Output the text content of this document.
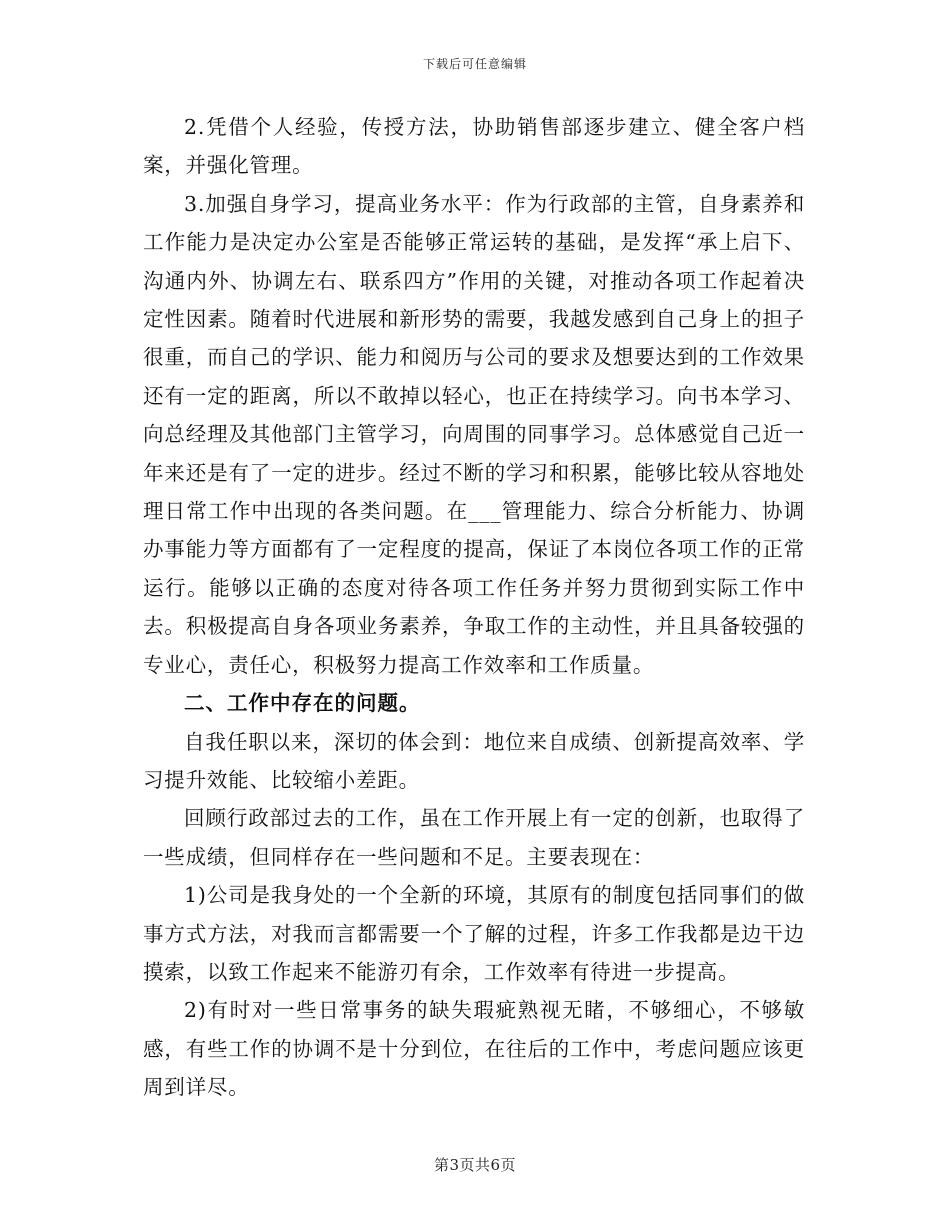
下载后可任意编辑

2.凭借个人经验，传授方法，协助销售部逐步建立、健全客户档案，并强化管理。

3.加强自身学习，提高业务水平：作为行政部的主管，自身素养和工作能力是决定办公室是否能够正常运转的基础，是发挥“承上启下、沟通内外、协调左右、联系四方”作用的关键，对推动各项工作起着决定性因素。随着时代进展和新形势的需要，我越发感到自己身上的担子很重，而自己的学识、能力和阅历与公司的要求及想要达到的工作效果还有一定的距离，所以不敢掉以轻心，也正在持续学习。向书本学习、向总经理及其他部门主管学习，向周围的同事学习。总体感觉自己近一年来还是有了一定的进步。经过不断的学习和积累，能够比较从容地处理日常工作中出现的各类问题。在___管理能力、综合分析能力、协调办事能力等方面都有了一定程度的提高，保证了本岗位各项工作的正常运行。能够以正确的态度对待各项工作任务并努力贯彻到实际工作中去。积极提高自身各项业务素养，争取工作的主动性，并且具备较强的专业心，责任心，积极努力提高工作效率和工作质量。

二、工作中存在的问题。

自我任职以来，深切的体会到：地位来自成绩、创新提高效率、学习提升效能、比较缩小差距。

回顾行政部过去的工作，虽在工作开展上有一定的创新，也取得了一些成绩，但同样存在一些问题和不足。主要表现在：

1)公司是我身处的一个全新的环境，其原有的制度包括同事们的做事方式方法，对我而言都需要一个了解的过程，许多工作我都是边干边摸索，以致工作起来不能游刃有余，工作效率有待进一步提高。

2)有时对一些日常事务的缺失瑕疵熟视无睹，不够细心，不够敏感，有些工作的协调不是十分到位，在往后的工作中，考虑问题应该更周到详尽。

第3页共6页
